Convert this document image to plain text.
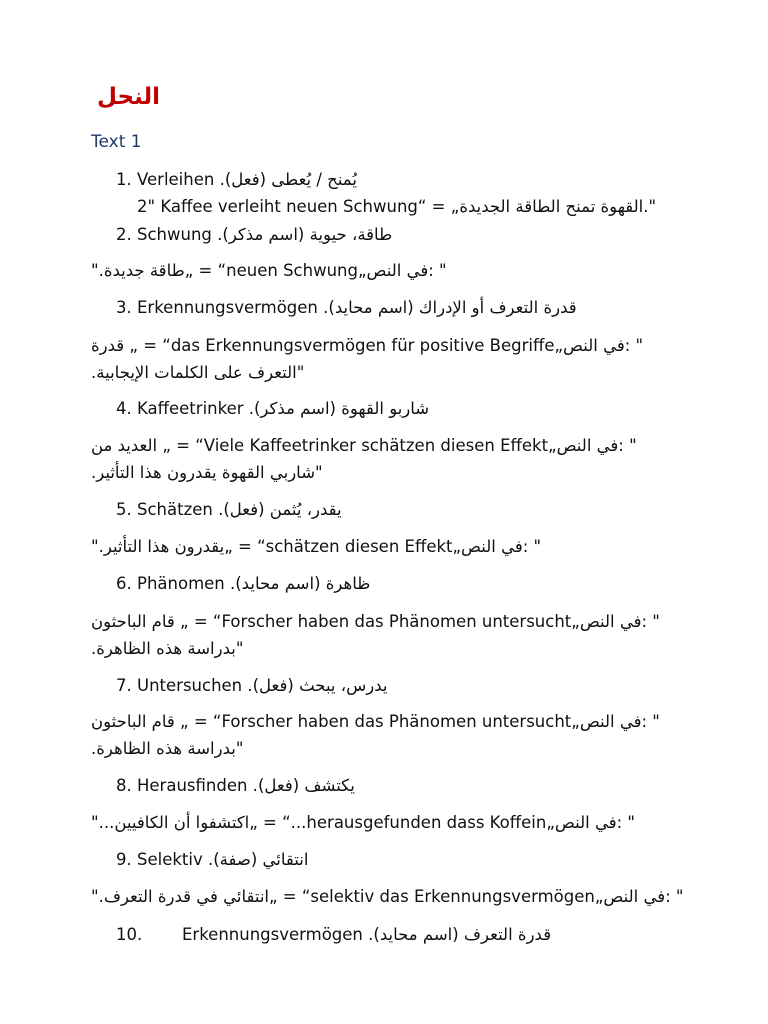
النحل
Text 1
1. Verleihen .يُمنح / يُعطى (فعل)
2" Kaffee verleiht neuen Schwung“ = „القهوة تمنح الطاقة الجديدة."
2. Schwung .طاقة، حيوية (اسم مذكر)
" :في النص„neuen Schwung“ = „طاقة جديدة."
3. Erkennungsvermögen .قدرة التعرف أو الإدراك (اسم محايد)
" :في النص„das Erkennungsvermögen für positive Begriffe“ = „ قدرة
"التعرف على الكلمات الإيجابية.
4. Kaffeetrinker .شاربو القهوة (اسم مذكر)
" :في النص„Viele Kaffeetrinker schätzen diesen Effekt“ = „ العديد من
"شاربي القهوة يقدرون هذا التأثير.
5. Schätzen .يقدر، يُثمن (فعل)
" :في النص„schätzen diesen Effekt“ = „يقدرون هذا التأثير."
6. Phänomen .ظاهرة (اسم محايد)
" :في النص„Forscher haben das Phänomen untersucht“ = „ قام الباحثون
"بدراسة هذه الظاهرة.
7. Untersuchen .يدرس، يبحث (فعل)
" :في النص„Forscher haben das Phänomen untersucht“ = „ قام الباحثون
"بدراسة هذه الظاهرة.
8. Herausfinden .يكتشف (فعل)
" :في النص„herausgefunden dass Koffein...“ = „اكتشفوا أن الكافيين..."
9. Selektiv .انتقائي (صفة)
" :في النص„selektiv das Erkennungsvermögen“ = „انتقائي في قدرة التعرف."
10. Erkennungsvermögen .قدرة التعرف (اسم محايد)
